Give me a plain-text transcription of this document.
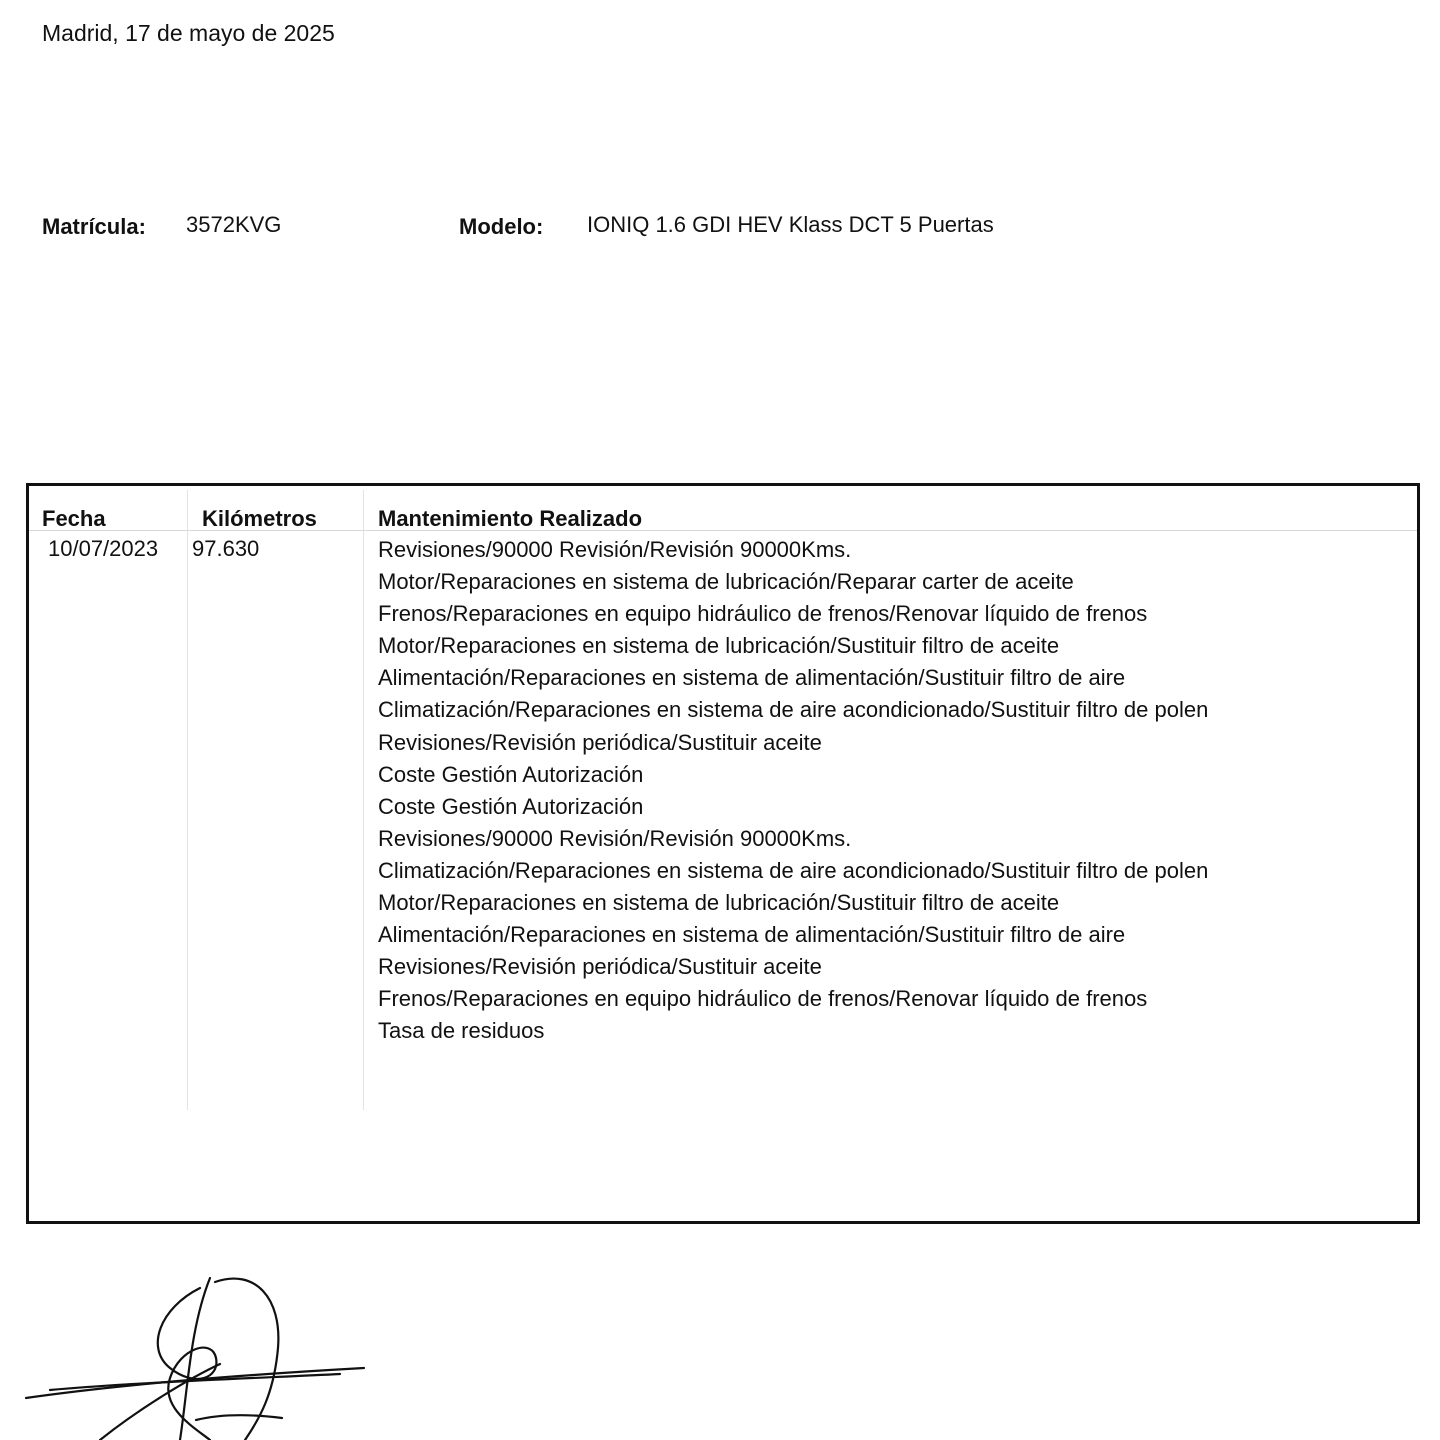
Madrid, 17 de mayo de 2025
Matrícula: 3572KVG	Modelo: IONIQ 1.6 GDI HEV Klass DCT 5 Puertas
Fecha	Kilómetros	Mantenimiento Realizado
10/07/2023 97.630	Revisiones/90000 Revisión/Revisión 90000Kms.
Motor/Reparaciones en sistema de lubricación/Reparar carter de aceite
Frenos/Reparaciones en equipo hidráulico de frenos/Renovar líquido de frenos
Motor/Reparaciones en sistema de lubricación/Sustituir filtro de aceite
Alimentación/Reparaciones en sistema de alimentación/Sustituir filtro de aire
Climatización/Reparaciones en sistema de aire acondicionado/Sustituir filtro de polen
Revisiones/Revisión periódica/Sustituir aceite
Coste Gestión Autorización
Coste Gestión Autorización
Revisiones/90000 Revisión/Revisión 90000Kms.
Climatización/Reparaciones en sistema de aire acondicionado/Sustituir filtro de polen
Motor/Reparaciones en sistema de lubricación/Sustituir filtro de aceite
Alimentación/Reparaciones en sistema de alimentación/Sustituir filtro de aire
Revisiones/Revisión periódica/Sustituir aceite
Frenos/Reparaciones en equipo hidráulico de frenos/Renovar líquido de frenos
Tasa de residuos
